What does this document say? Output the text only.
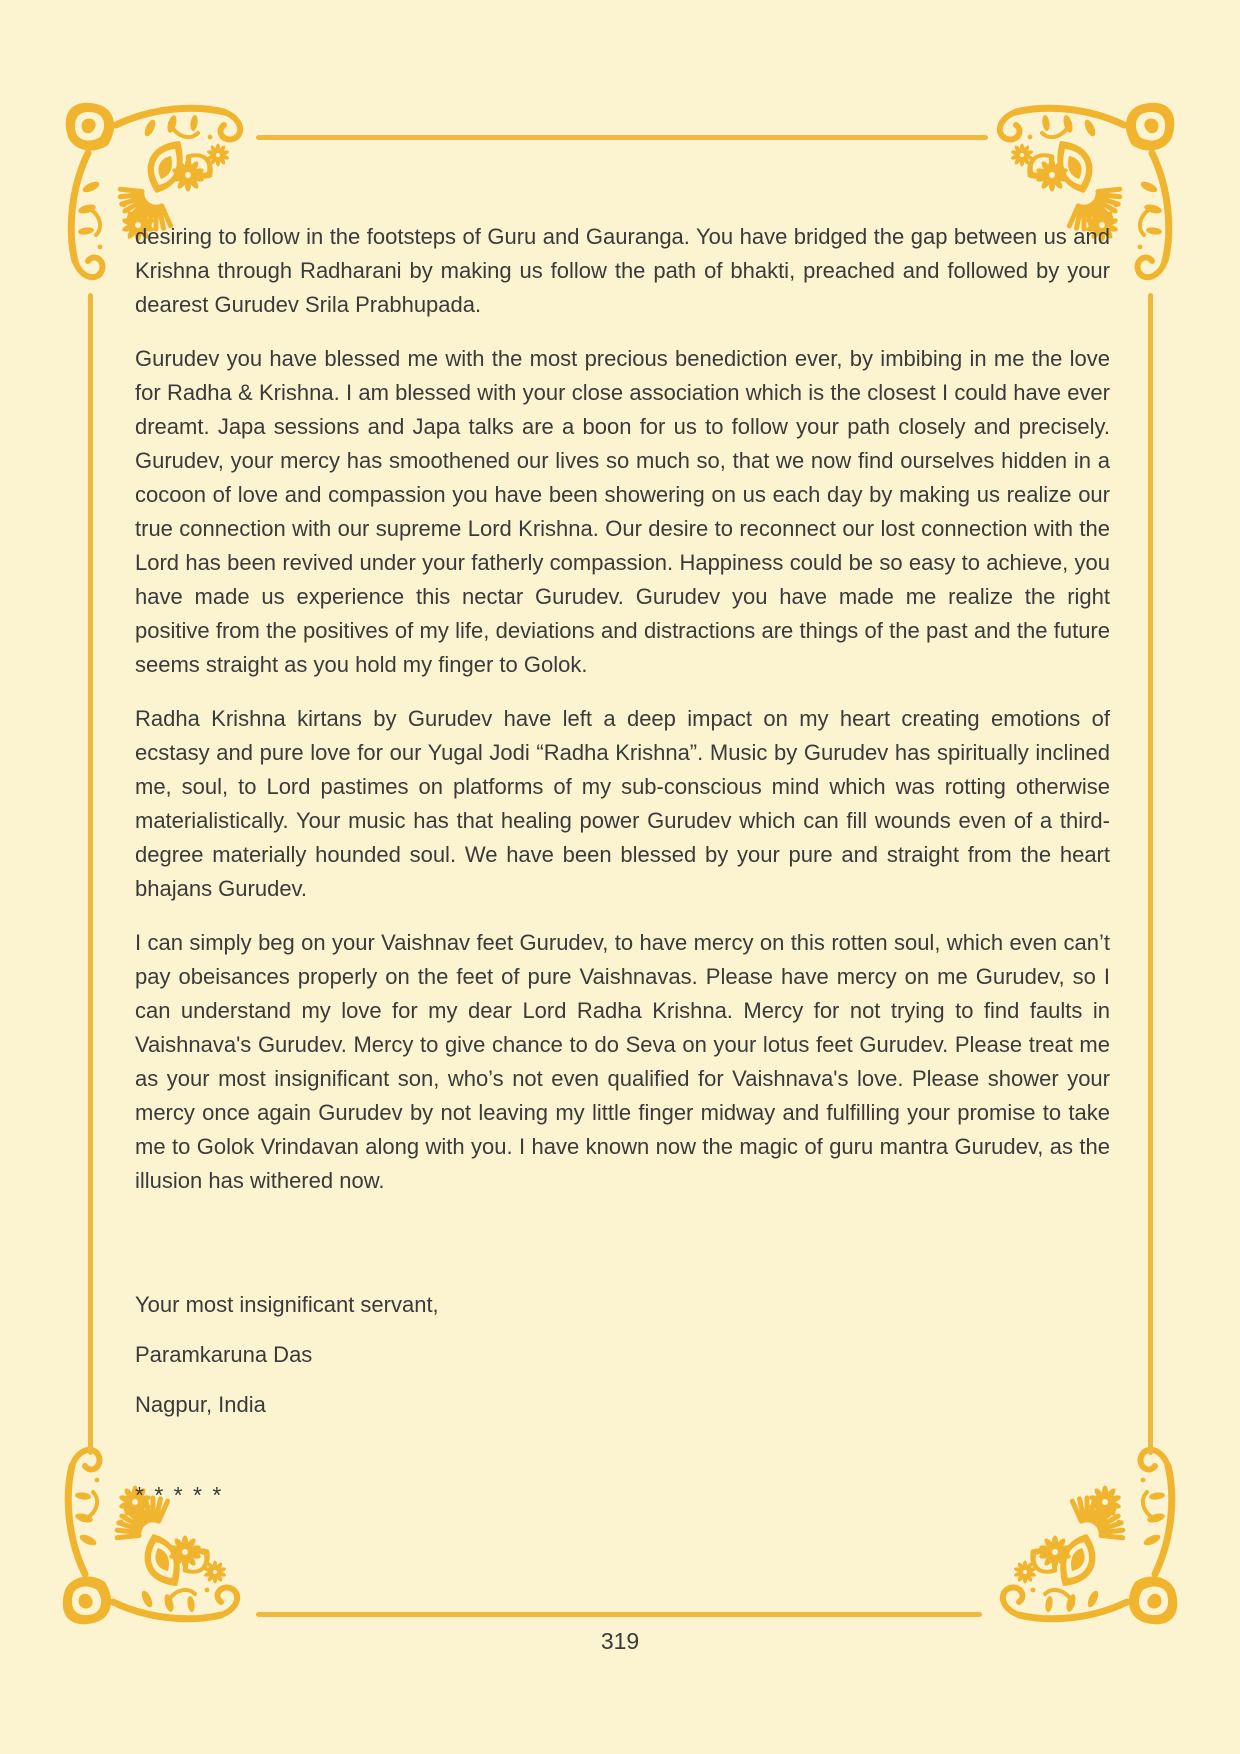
desiring to follow in the footsteps of Guru and Gauranga. You have bridged the gap between us and Krishna through Radharani by making us follow the path of bhakti, preached and followed by your dearest Gurudev Srila Prabhupada.

Gurudev you have blessed me with the most precious benediction ever, by imbibing in me the love for Radha & Krishna. I am blessed with your close association which is the closest I could have ever dreamt. Japa sessions and Japa talks are a boon for us to follow your path closely and precisely. Gurudev, your mercy has smoothened our lives so much so, that we now find ourselves hidden in a cocoon of love and compassion you have been showering on us each day by making us realize our true connection with our supreme Lord Krishna. Our desire to reconnect our lost connection with the Lord has been revived under your fatherly compassion. Happiness could be so easy to achieve, you have made us experience this nectar Gurudev. Gurudev you have made me realize the right positive from the positives of my life, deviations and distractions are things of the past and the future seems straight as you hold my finger to Golok.

Radha Krishna kirtans by Gurudev have left a deep impact on my heart creating emotions of ecstasy and pure love for our Yugal Jodi “Radha Krishna”. Music by Gurudev has spiritually inclined me, soul, to Lord pastimes on platforms of my sub-conscious mind which was rotting otherwise materialistically. Your music has that healing power Gurudev which can fill wounds even of a third-degree materially hounded soul. We have been blessed by your pure and straight from the heart bhajans Gurudev.

I can simply beg on your Vaishnav feet Gurudev, to have mercy on this rotten soul, which even can’t pay obeisances properly on the feet of pure Vaishnavas. Please have mercy on me Gurudev, so I can understand my love for my dear Lord Radha Krishna. Mercy for not trying to find faults in Vaishnava's Gurudev. Mercy to give chance to do Seva on your lotus feet Gurudev. Please treat me as your most insignificant son, who’s not even qualified for Vaishnava's love. Please shower your mercy once again Gurudev by not leaving my little finger midway and fulfilling your promise to take me to Golok Vrindavan along with you. I have known now the magic of guru mantra Gurudev, as the illusion has withered now.

Your most insignificant servant,

Paramkaruna Das

Nagpur, India

* * * * *

319
